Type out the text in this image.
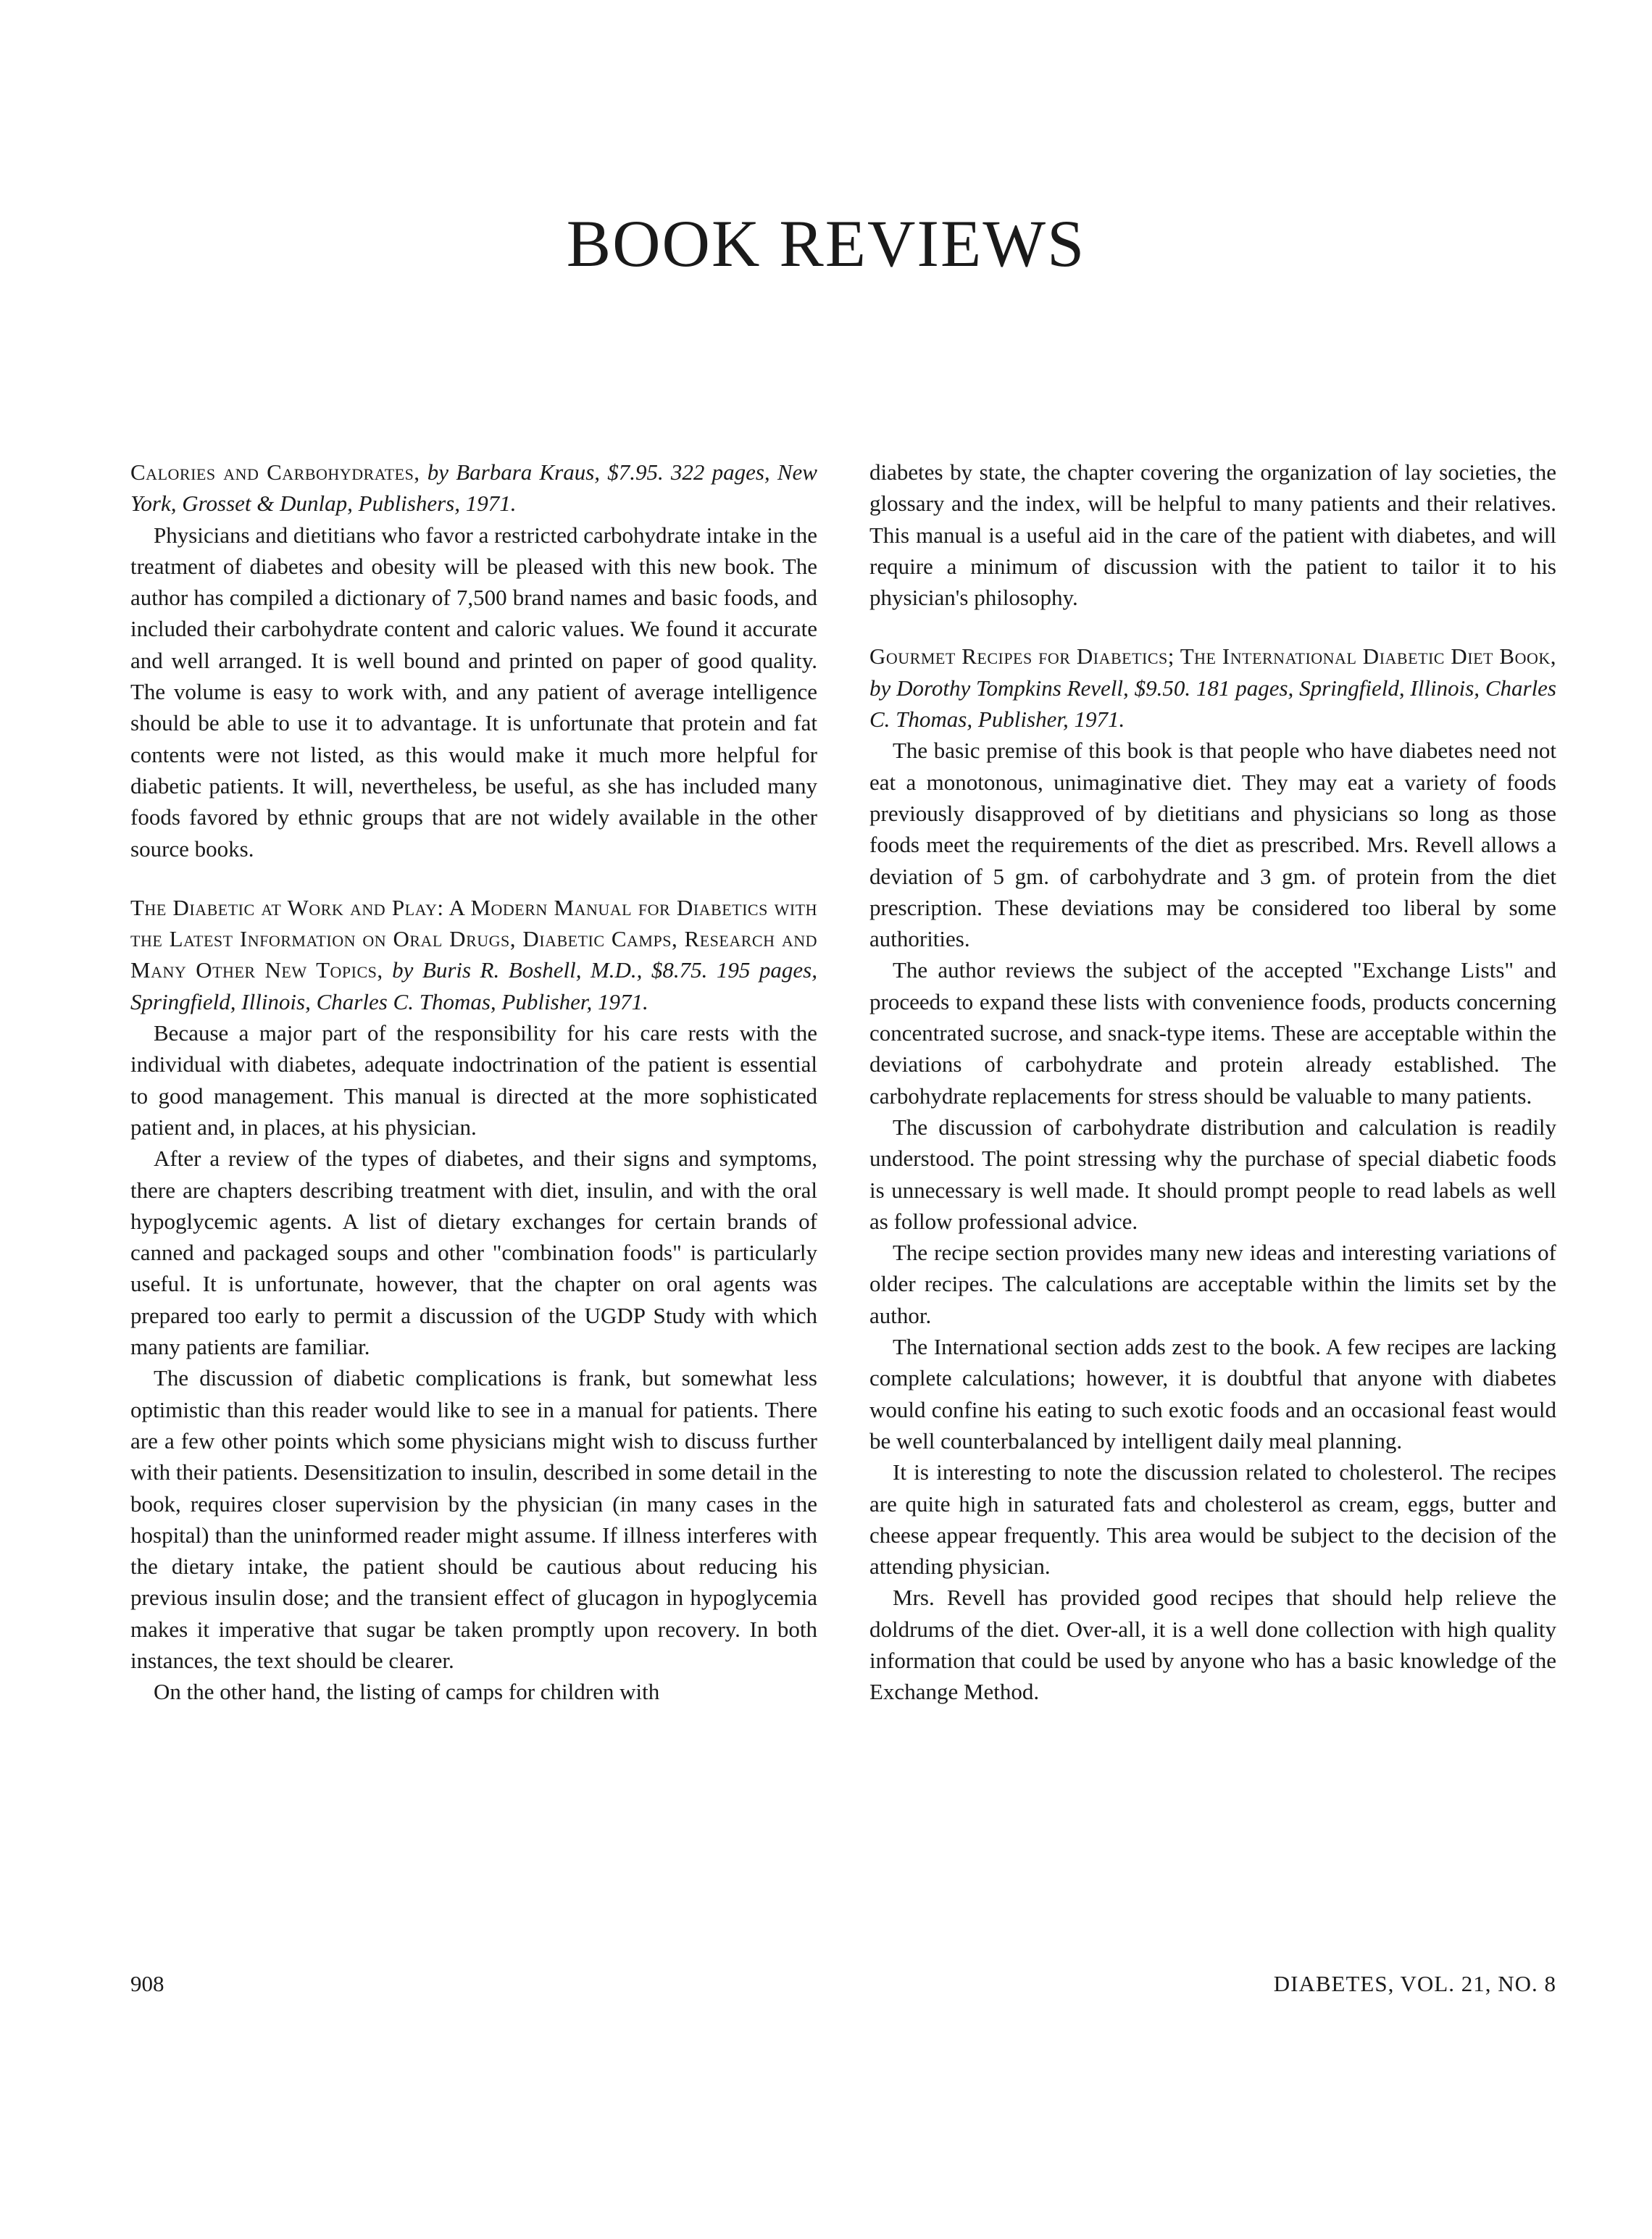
BOOK REVIEWS

Calories and Carbohydrates, by Barbara Kraus, $7.95. 322 pages, New York, Grosset & Dunlap, Publishers, 1971.

Physicians and dietitians who favor a restricted carbohydrate intake in the treatment of diabetes and obesity will be pleased with this new book. The author has compiled a dictionary of 7,500 brand names and basic foods, and included their carbohydrate content and caloric values. We found it accurate and well arranged. It is well bound and printed on paper of good quality. The volume is easy to work with, and any patient of average intelligence should be able to use it to advantage. It is unfortunate that protein and fat contents were not listed, as this would make it much more helpful for diabetic patients. It will, nevertheless, be useful, as she has included many foods favored by ethnic groups that are not widely available in the other source books.

The Diabetic at Work and Play: A Modern Manual for Diabetics with the Latest Information on Oral Drugs, Diabetic Camps, Research and Many Other New Topics, by Buris R. Boshell, M.D., $8.75. 195 pages, Springfield, Illinois, Charles C. Thomas, Publisher, 1971.

Because a major part of the responsibility for his care rests with the individual with diabetes, adequate indoctrination of the patient is essential to good management. This manual is directed at the more sophisticated patient and, in places, at his physician.

After a review of the types of diabetes, and their signs and symptoms, there are chapters describing treatment with diet, insulin, and with the oral hypoglycemic agents. A list of dietary exchanges for certain brands of canned and packaged soups and other "combination foods" is particularly useful. It is unfortunate, however, that the chapter on oral agents was prepared too early to permit a discussion of the UGDP Study with which many patients are familiar.

The discussion of diabetic complications is frank, but somewhat less optimistic than this reader would like to see in a manual for patients. There are a few other points which some physicians might wish to discuss further with their patients. Desensitization to insulin, described in some detail in the book, requires closer supervision by the physician (in many cases in the hospital) than the uninformed reader might assume. If illness interferes with the dietary intake, the patient should be cautious about reducing his previous insulin dose; and the transient effect of glucagon in hypoglycemia makes it imperative that sugar be taken promptly upon recovery. In both instances, the text should be clearer.

On the other hand, the listing of camps for children with

diabetes by state, the chapter covering the organization of lay societies, the glossary and the index, will be helpful to many patients and their relatives. This manual is a useful aid in the care of the patient with diabetes, and will require a minimum of discussion with the patient to tailor it to his physician's philosophy.

Gourmet Recipes for Diabetics; The International Diabetic Diet Book, by Dorothy Tompkins Revell, $9.50. 181 pages, Springfield, Illinois, Charles C. Thomas, Publisher, 1971.

The basic premise of this book is that people who have diabetes need not eat a monotonous, unimaginative diet. They may eat a variety of foods previously disapproved of by dietitians and physicians so long as those foods meet the requirements of the diet as prescribed. Mrs. Revell allows a deviation of 5 gm. of carbohydrate and 3 gm. of protein from the diet prescription. These deviations may be considered too liberal by some authorities.

The author reviews the subject of the accepted "Exchange Lists" and proceeds to expand these lists with convenience foods, products concerning concentrated sucrose, and snack-type items. These are acceptable within the deviations of carbohydrate and protein already established. The carbohydrate replacements for stress should be valuable to many patients.

The discussion of carbohydrate distribution and calculation is readily understood. The point stressing why the purchase of special diabetic foods is unnecessary is well made. It should prompt people to read labels as well as follow professional advice.

The recipe section provides many new ideas and interesting variations of older recipes. The calculations are acceptable within the limits set by the author.

The International section adds zest to the book. A few recipes are lacking complete calculations; however, it is doubtful that anyone with diabetes would confine his eating to such exotic foods and an occasional feast would be well counterbalanced by intelligent daily meal planning.

It is interesting to note the discussion related to cholesterol. The recipes are quite high in saturated fats and cholesterol as cream, eggs, butter and cheese appear frequently. This area would be subject to the decision of the attending physician.

Mrs. Revell has provided good recipes that should help relieve the doldrums of the diet. Over-all, it is a well done collection with high quality information that could be used by anyone who has a basic knowledge of the Exchange Method.

908	DIABETES, VOL. 21, NO. 8
